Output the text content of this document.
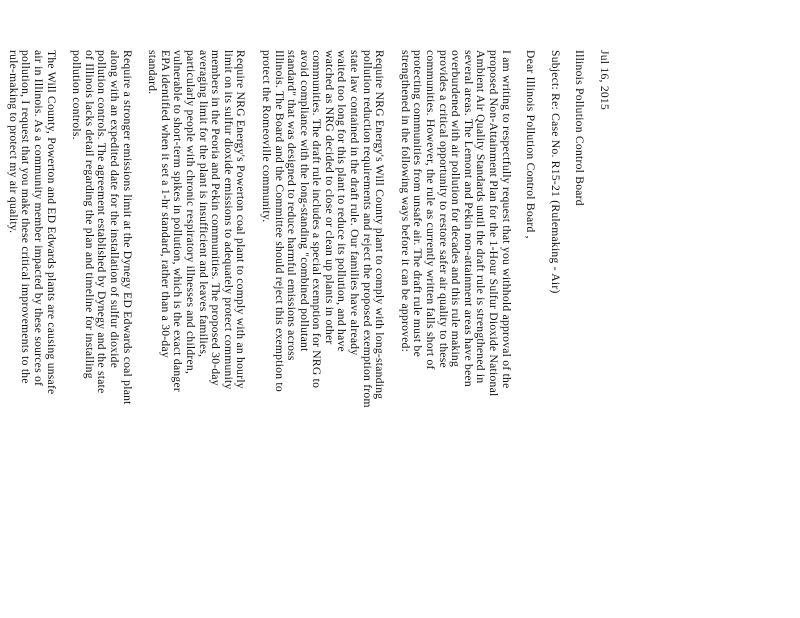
Jul 16, 2015
Illinois Pollution Control Board
Subject: Re: Case No. R15-21 (Rulemaking - Air)
Dear Illinois Pollution Control Board ,
I am writing to respectfully request that you withhold approval of the
proposed Non-Attainment Plan for the 1-Hour Sulfur Dioxide National
Ambient Air Quality Standards until the draft rule is strengthened in
several areas. The Lemont and Pekin non-attainment areas have been
overburdened with air pollution for decades and this rule making
provides a critical opportunity to restore safer air quality to these
communities. However, the rule as currently written falls short of
protecting communities from unsafe air. The draft rule must be
strengthened in the following ways before it can be approved:
Require NRG Energy's Will County plant to comply with long-standing
pollution reduction requirements and reject the proposed exemption from
state law contained in the draft rule. Our families have already
waited too long for this plant to reduce its pollution, and have
watched as NRG decided to close or clean up plants in other
communities. The draft rule includes a special exemption for NRG to
avoid compliance with the long-standing "combined pollutant
standard" that was designed to reduce harmful emissions across
Illinois. The Board and the Committee should reject this exemption to
protect the Romeoville community.
Require NRG Energy's Powerton coal plant to comply with an hourly
limit on its sulfur dioxide emissions to adequately protect community
members in the Peoria and Pekin communities. The proposed 30-day
averaging limit for the plant is insufficient and leaves families,
particularly people with chronic respiratory illnesses and children,
vulnerable to short-term spikes in pollution, which is the exact danger
EPA identified when it set a 1-hr standard, rather than a 30-day
standard.
Require a stronger emissions limit at the Dynegy ED Edwards coal plant
along with an expedited date for the installation of sulfur dioxide
pollution controls. The agreement established by Dynegy and the state
of Illinois lacks detail regarding the plan and timeline for installing
pollution controls.
The Will County, Powerton and ED Edwards plants are causing unsafe
air in Illinois. As a community member impacted by these sources of
pollution, I request that you make these critical improvements to the
rule-making to protect my air quality.
